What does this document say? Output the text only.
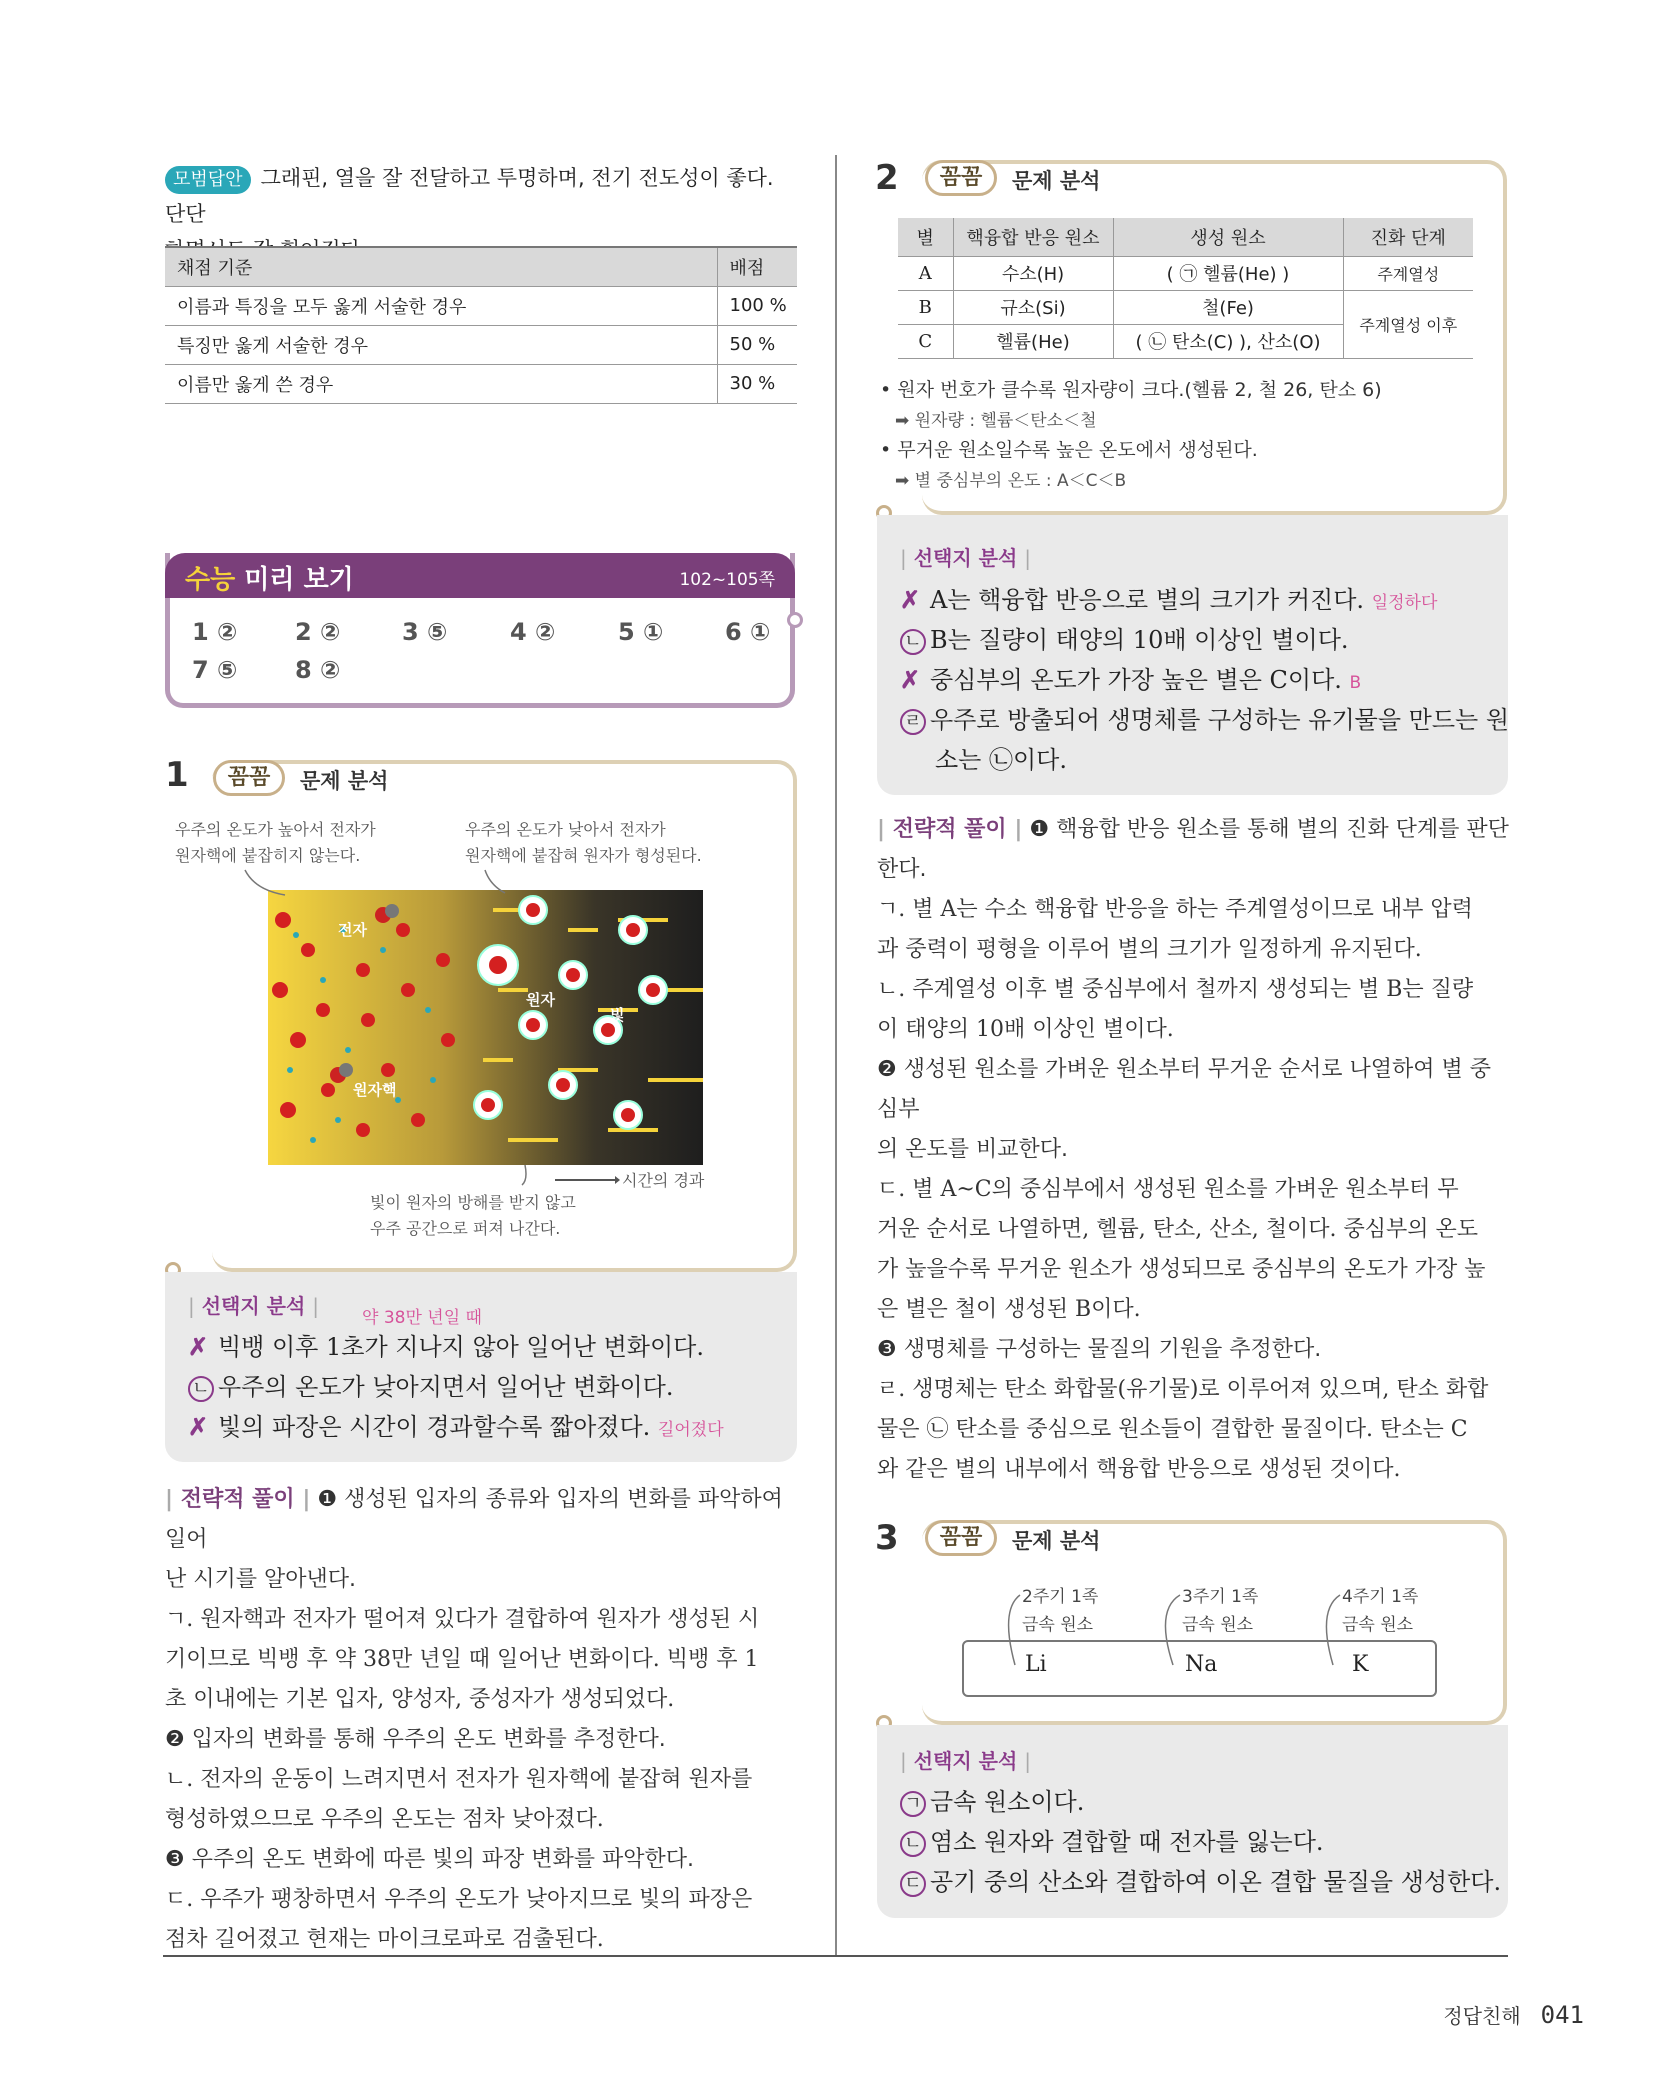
모범답안 그래핀, 열을 잘 전달하고 투명하며, 전기 전도성이 좋다. 단단

채점 기준	배점
이름과 특징을 모두 옳게 서술한 경우	100 %
특징만 옳게 서술한 경우	50 %
이름만 옳게 쓴 경우	30 %
수능 미리 보기	102~105쪽
1 ② 2 ②	3 ⑤	4 ②	5 ①	6 ①
7 ⑤ 8 ②
1	꼼꼼	문제 분석
우주의 온도가 높아서 전자가
원자핵에 붙잡히지 않는다.
우주의 온도가 낮아서 전자가
원자핵에 붙잡혀 원자가 형성된다.
전자
원자
빛
원자핵
시간의 경과
빛이 원자의 방해를 받지 않고
우주 공간으로 퍼져 나간다.
| 선택지 분석 |	약 38만 년일 때
✗ 빅뱅 이후 1초가 지나지 않아 일어난 변화이다.
ㄴ 우주의 온도가 낮아지면서 일어난 변화이다.
✗ 빛의 파장은 시간이 경과할수록 짧아졌다. 길어졌다
| 전략적 풀이 | ❶ 생성된 입자의 종류와 입자의 변화를 파악하여 일어
난 시기를 알아낸다.
ㄱ. 원자핵과 전자가 떨어져 있다가 결합하여 원자가 생성된 시
기이므로 빅뱅 후 약 38만 년일 때 일어난 변화이다. 빅뱅 후 1
초 이내에는 기본 입자, 양성자, 중성자가 생성되었다.
❷ 입자의 변화를 통해 우주의 온도 변화를 추정한다.
ㄴ. 전자의 운동이 느려지면서 전자가 원자핵에 붙잡혀 원자를
형성하였으므로 우주의 온도는 점차 낮아졌다.
❸ 우주의 온도 변화에 따른 빛의 파장 변화를 파악한다.
ㄷ. 우주가 팽창하면서 우주의 온도가 낮아지므로 빛의 파장은
점차 길어졌고 현재는 마이크로파로 검출된다.
2	꼼꼼	문제 분석
별	핵융합 반응 원소	생성 원소	진화 단계
A	수소(H)	( ㉠ 헬륨(He) )	주계열성
B	규소(Si)	철(Fe)	주계열성 이후
C	헬륨(He)	( ㉡ 탄소(C) ), 산소(O)	
• 원자 번호가 클수록 원자량이 크다.(헬륨 2, 철 26, 탄소 6)
➡ 원자량 : 헬륨＜탄소＜철
• 무거운 원소일수록 높은 온도에서 생성된다.
➡ 별 중심부의 온도 : A＜C＜B
| 선택지 분석 |
✗ A는 핵융합 반응으로 별의 크기가 커진다. 일정하다
ㄴ B는 질량이 태양의 10배 이상인 별이다.
✗ 중심부의 온도가 가장 높은 별은 C이다. B
ㄹ 우주로 방출되어 생명체를 구성하는 유기물을 만드는 원
소는 ㉡이다.
| 전략적 풀이 | ❶ 핵융합 반응 원소를 통해 별의 진화 단계를 판단
한다.
ㄱ. 별 A는 수소 핵융합 반응을 하는 주계열성이므로 내부 압력
과 중력이 평형을 이루어 별의 크기가 일정하게 유지된다.
ㄴ. 주계열성 이후 별 중심부에서 철까지 생성되는 별 B는 질량
이 태양의 10배 이상인 별이다.
❷ 생성된 원소를 가벼운 원소부터 무거운 순서로 나열하여 별 중심부
의 온도를 비교한다.
ㄷ. 별 A~C의 중심부에서 생성된 원소를 가벼운 원소부터 무
거운 순서로 나열하면, 헬륨, 탄소, 산소, 철이다. 중심부의 온도
가 높을수록 무거운 원소가 생성되므로 중심부의 온도가 가장 높
은 별은 철이 생성된 B이다.
❸ 생명체를 구성하는 물질의 기원을 추정한다.
ㄹ. 생명체는 탄소 화합물(유기물)로 이루어져 있으며, 탄소 화합
물은 ㉡ 탄소를 중심으로 원소들이 결합한 물질이다. 탄소는 C
와 같은 별의 내부에서 핵융합 반응으로 생성된 것이다.
3	꼼꼼	문제 분석
2주기 1족
금속 원소
Li
3주기 1족
금속 원소
Na
4주기 1족
금속 원소
K
| 선택지 분석 |
ㄱ 금속 원소이다.
ㄴ 염소 원자와 결합할 때 전자를 잃는다.
ㄷ 공기 중의 산소와 결합하여 이온 결합 물질을 생성한다.
정답친해 041
